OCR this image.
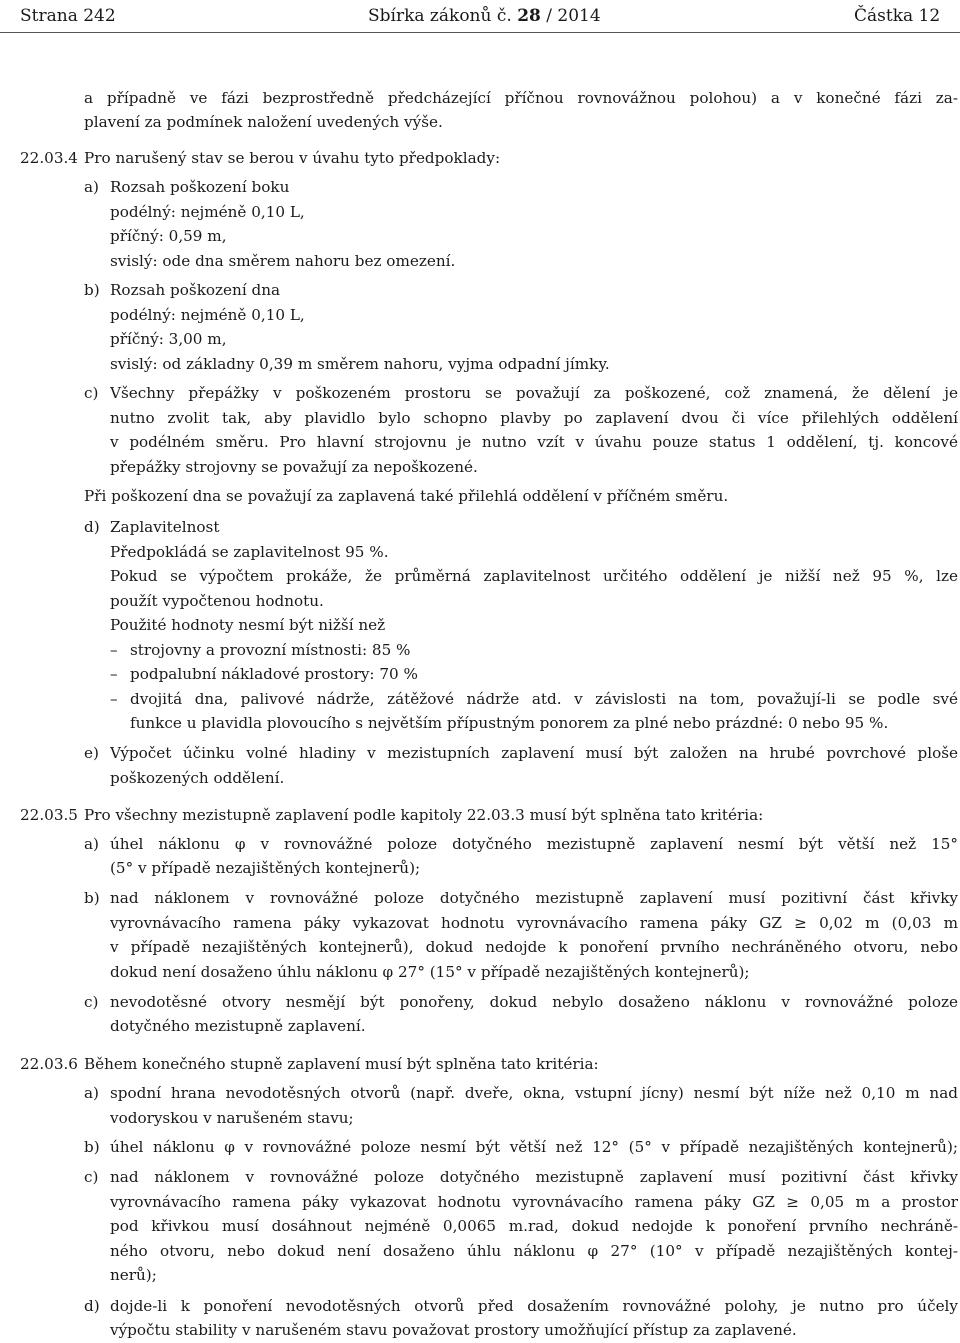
Strana 242	Sbírka zákonů č. 28 / 2014	Částka 12
a případně ve fázi bezprostředně předcházející příčnou rovnovážnou polohou) a v konečné fázi za-
plavení za podmínek naložení uvedených výše.
22.03.4 Pro narušený stav se berou v úvahu tyto předpoklady:
a) Rozsah poškození boku
podélný: nejméně 0,10 L,
příčný: 0,59 m,
svislý: ode dna směrem nahoru bez omezení.
b) Rozsah poškození dna
podélný: nejméně 0,10 L,
příčný: 3,00 m,
svislý: od základny 0,39 m směrem nahoru, vyjma odpadní jímky.
c) Všechny přepážky v poškozeném prostoru se považují za poškozené, což znamená, že dělení je
nutno zvolit tak, aby plavidlo bylo schopno plavby po zaplavení dvou či více přilehlých oddělení
v podélném směru. Pro hlavní strojovnu je nutno vzít v úvahu pouze status 1 oddělení, tj. koncové
přepážky strojovny se považují za nepoškozené.
Při poškození dna se považují za zaplavená také přilehlá oddělení v příčném směru.
d) Zaplavitelnost
Předpokládá se zaplavitelnost 95 %.
Pokud se výpočtem prokáže, že průměrná zaplavitelnost určitého oddělení je nižší než 95 %, lze
použít vypočtenou hodnotu.
Použité hodnoty nesmí být nižší než
– strojovny a provozní místnosti: 85 %
– podpalubní nákladové prostory: 70 %
– dvojitá dna, palivové nádrže, zátěžové nádrže atd. v závislosti na tom, považují-li se podle své
funkce u plavidla plovoucího s největším přípustným ponorem za plné nebo prázdné: 0 nebo 95 %.
e) Výpočet účinku volné hladiny v mezistupních zaplavení musí být založen na hrubé povrchové ploše
poškozených oddělení.
22.03.5 Pro všechny mezistupně zaplavení podle kapitoly 22.03.3 musí být splněna tato kritéria:
a) úhel náklonu φ v rovnovážné poloze dotyčného mezistupně zaplavení nesmí být větší než 15°
(5° v případě nezajištěných kontejnerů);
b) nad náklonem v rovnovážné poloze dotyčného mezistupně zaplavení musí pozitivní část křivky
vyrovnávacího ramena páky vykazovat hodnotu vyrovnávacího ramena páky GZ ≥ 0,02 m (0,03 m
v případě nezajištěných kontejnerů), dokud nedojde k ponoření prvního nechráněného otvoru, nebo
dokud není dosaženo úhlu náklonu φ 27° (15° v případě nezajištěných kontejnerů);
c) nevodotěsné otvory nesmějí být ponořeny, dokud nebylo dosaženo náklonu v rovnovážné poloze
dotyčného mezistupně zaplavení.
22.03.6 Během konečného stupně zaplavení musí být splněna tato kritéria:
a) spodní hrana nevodotěsných otvorů (např. dveře, okna, vstupní jícny) nesmí být níže než 0,10 m nad
vodoryskou v narušeném stavu;
b) úhel náklonu φ v rovnovážné poloze nesmí být větší než 12° (5° v případě nezajištěných kontejnerů);
c) nad náklonem v rovnovážné poloze dotyčného mezistupně zaplavení musí pozitivní část křivky
vyrovnávacího ramena páky vykazovat hodnotu vyrovnávacího ramena páky GZ ≥ 0,05 m a prostor
pod křivkou musí dosáhnout nejméně 0,0065 m.rad, dokud nedojde k ponoření prvního nechráně-
ného otvoru, nebo dokud není dosaženo úhlu náklonu φ 27° (10° v případě nezajištěných kontej-
nerů);
d) dojde-li k ponoření nevodotěsných otvorů před dosažením rovnovážné polohy, je nutno pro účely
výpočtu stability v narušeném stavu považovat prostory umožňující přístup za zaplavené.
